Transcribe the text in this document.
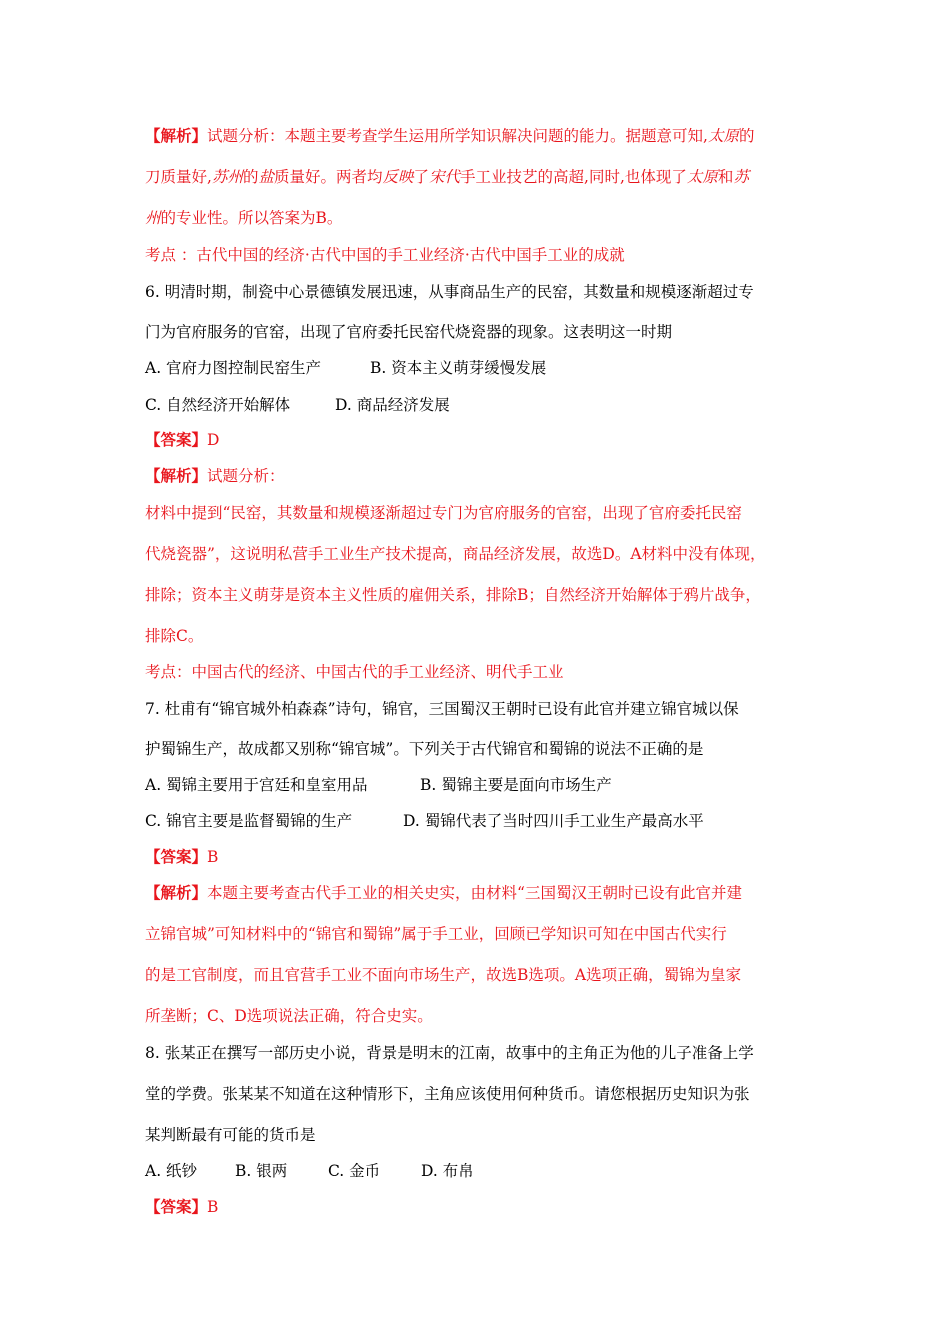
【解析】试题分析：本题主要考查学生运用所学知识解决问题的能力。据题意可知,太原的
刀质量好,苏州的盐质量好。两者均反映了宋代手工业技艺的高超,同时,也体现了太原和苏
州的专业性。所以答案为B。
考点 ：古代中国的经济·古代中国的手工业经济·古代中国手工业的成就
6. 明清时期，制瓷中心景德镇发展迅速，从事商品生产的民窑，其数量和规模逐渐超过专
门为官府服务的官窑，出现了官府委托民窑代烧瓷器的现象。这表明这一时期
A. 官府力图控制民窑生产	B. 资本主义萌芽缓慢发展
C. 自然经济开始解体	D. 商品经济发展
【答案】D
【解析】试题分析：
材料中提到“民窑，其数量和规模逐渐超过专门为官府服务的官窑，出现了官府委托民窑
代烧瓷器”，这说明私营手工业生产技术提高，商品经济发展，故选D。A材料中没有体现，
排除；资本主义萌芽是资本主义性质的雇佣关系，排除B；自然经济开始解体于鸦片战争，
排除C。
考点：中国古代的经济、中国古代的手工业经济、明代手工业
7. 杜甫有“锦官城外柏森森”诗句，锦官，三国蜀汉王朝时已设有此官并建立锦官城以保
护蜀锦生产，故成都又别称“锦官城”。下列关于古代锦官和蜀锦的说法不正确的是
A. 蜀锦主要用于宫廷和皇室用品	B. 蜀锦主要是面向市场生产
C. 锦官主要是监督蜀锦的生产	D. 蜀锦代表了当时四川手工业生产最高水平
【答案】B
【解析】本题主要考查古代手工业的相关史实，由材料“三国蜀汉王朝时已设有此官并建
立锦官城”可知材料中的“锦官和蜀锦”属于手工业，回顾已学知识可知在中国古代实行
的是工官制度，而且官营手工业不面向市场生产，故选B选项。A选项正确，蜀锦为皇家
所垄断；C、D选项说法正确，符合史实。
8. 张某正在撰写一部历史小说，背景是明末的江南，故事中的主角正为他的儿子准备上学
堂的学费。张某某不知道在这种情形下，主角应该使用何种货币。请您根据历史知识为张
某判断最有可能的货币是
A. 纸钞 B. 银两	C. 金币	D. 布帛
【答案】B
